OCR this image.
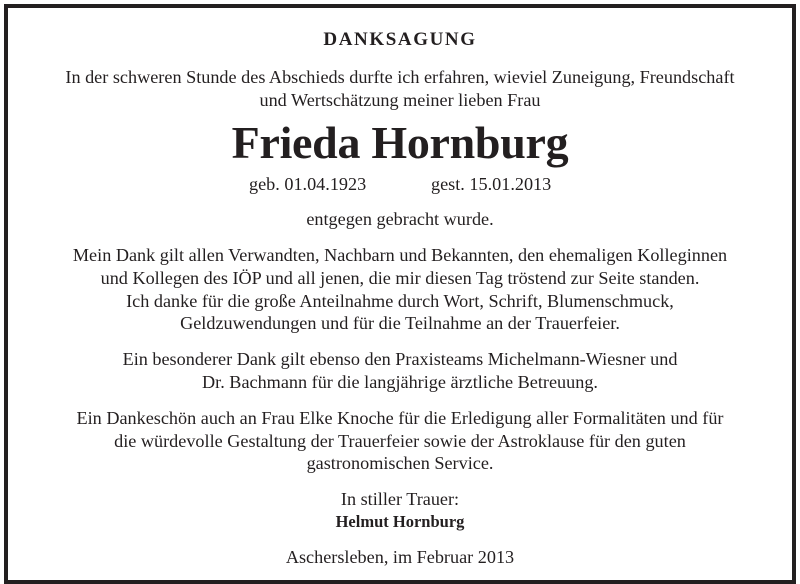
DANKSAGUNG
In der schweren Stunde des Abschieds durfte ich erfahren, wieviel Zuneigung, Freundschaft
und Wertschätzung meiner lieben Frau
Frieda Hornburg
geb. 01.04.1923	gest. 15.01.2013
entgegen gebracht wurde.
Mein Dank gilt allen Verwandten, Nachbarn und Bekannten, den ehemaligen Kolleginnen
und Kollegen des IÖP und all jenen, die mir diesen Tag tröstend zur Seite standen.
Ich danke für die große Anteilnahme durch Wort, Schrift, Blumenschmuck,
Geldzuwendungen und für die Teilnahme an der Trauerfeier.
Ein besonderer Dank gilt ebenso den Praxisteams Michelmann-Wiesner und
Dr. Bachmann für die langjährige ärztliche Betreuung.
Ein Dankeschön auch an Frau Elke Knoche für die Erledigung aller Formalitäten und für
die würdevolle Gestaltung der Trauerfeier sowie der Astroklause für den guten
gastronomischen Service.
In stiller Trauer:
Helmut Hornburg
Aschersleben, im Februar 2013
